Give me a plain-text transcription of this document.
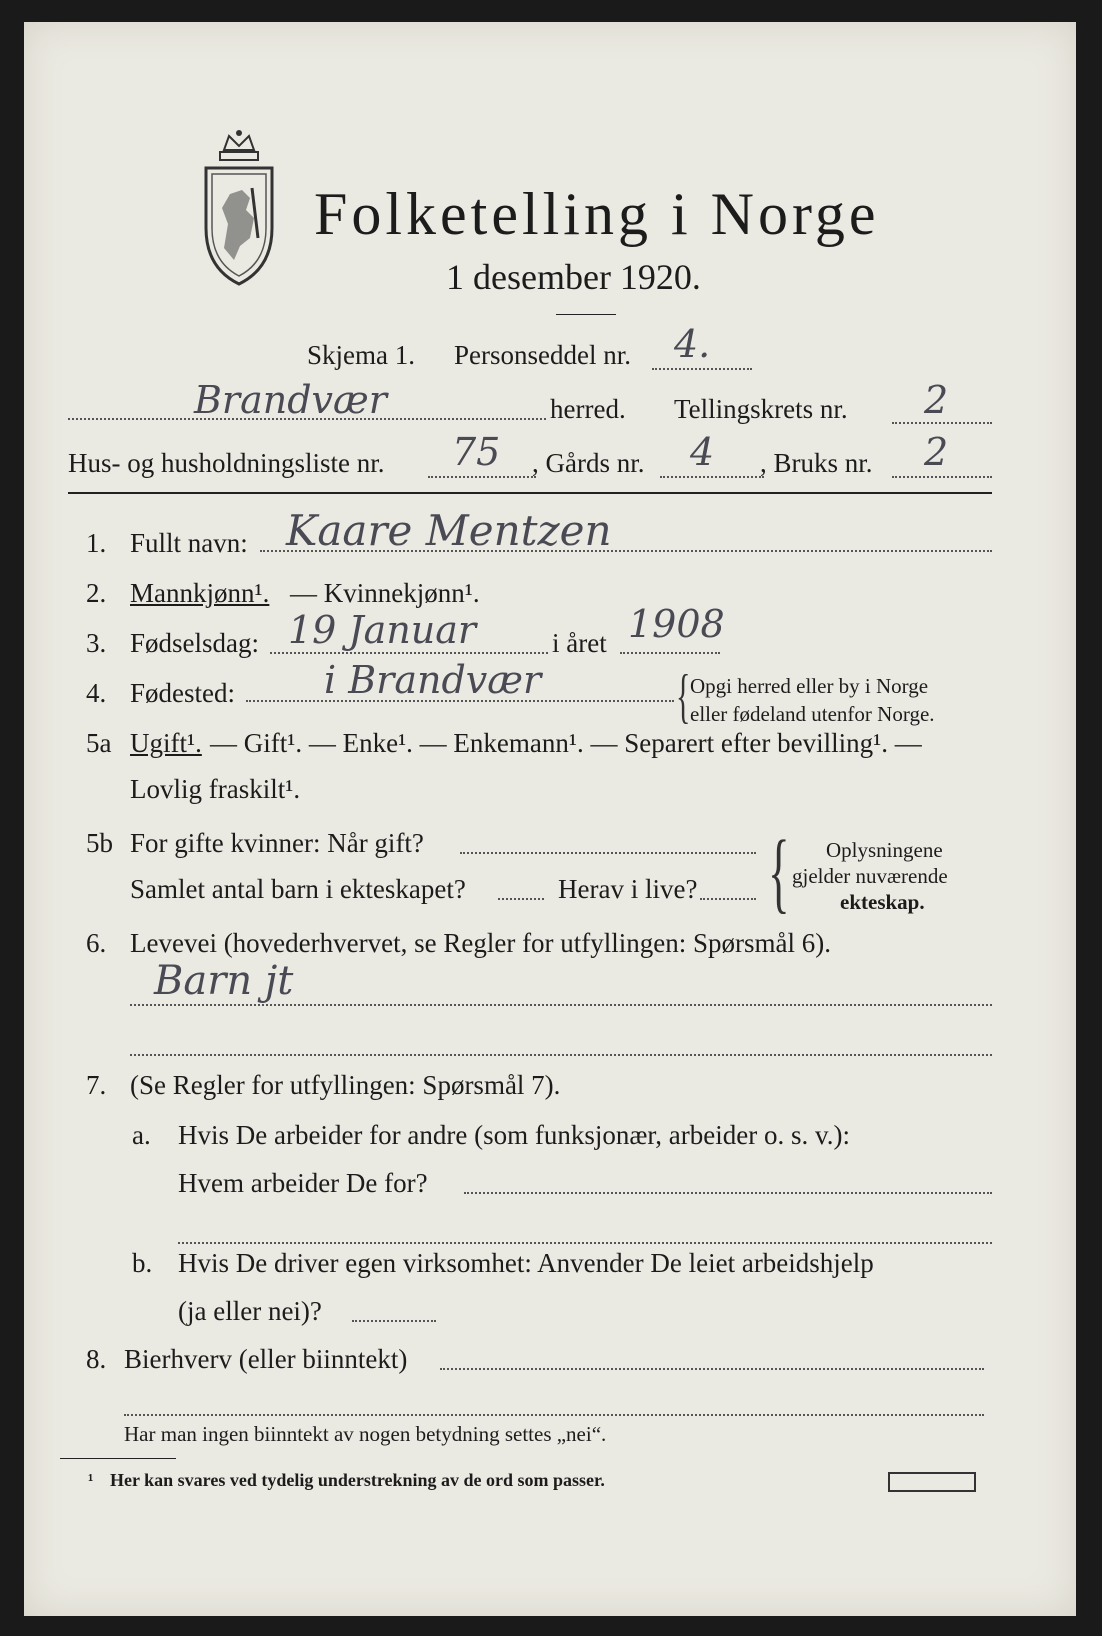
Folketelling i Norge
1 desember 1920.
Skjema 1. Personseddel nr. 4.
Brandvær	herred. Tellingskrets nr. 2
Hus- og husholdningsliste nr. 75 , Gårds nr. 4 , Bruks nr. 2
1. Fullt navn: Kaare Mentzen
2. Mannkjønn¹. — Kvinnekjønn¹.
3. Fødselsdag: 19 Januar	i året 1908
4. Fødested: i Brandvær { Opgi herred eller by i Norge
eller fødeland utenfor Norge.
5a Ugift¹. — Gift¹. — Enke¹. — Enkemann¹. — Separert efter bevilling¹. —
Lovlig fraskilt¹.
5b For gifte kvinner: Når gift?
Samlet antal barn i ekteskapet?	Herav i live? { Oplysningene
gjelder nuværende
ekteskap.
6. Levevei (hovederhvervet, se Regler for utfyllingen: Spørsmål 6).
Barn jt
7. (Se Regler for utfyllingen: Spørsmål 7).
a. Hvis De arbeider for andre (som funksjonær, arbeider o. s. v.):
Hvem arbeider De for?
b. Hvis De driver egen virksomhet: Anvender De leiet arbeidshjelp
(ja eller nei)?
8. Bierhverv (eller biinntekt)
Har man ingen biinntekt av nogen betydning settes „nei“.
¹ Her kan svares ved tydelig understrekning av de ord som passer.
